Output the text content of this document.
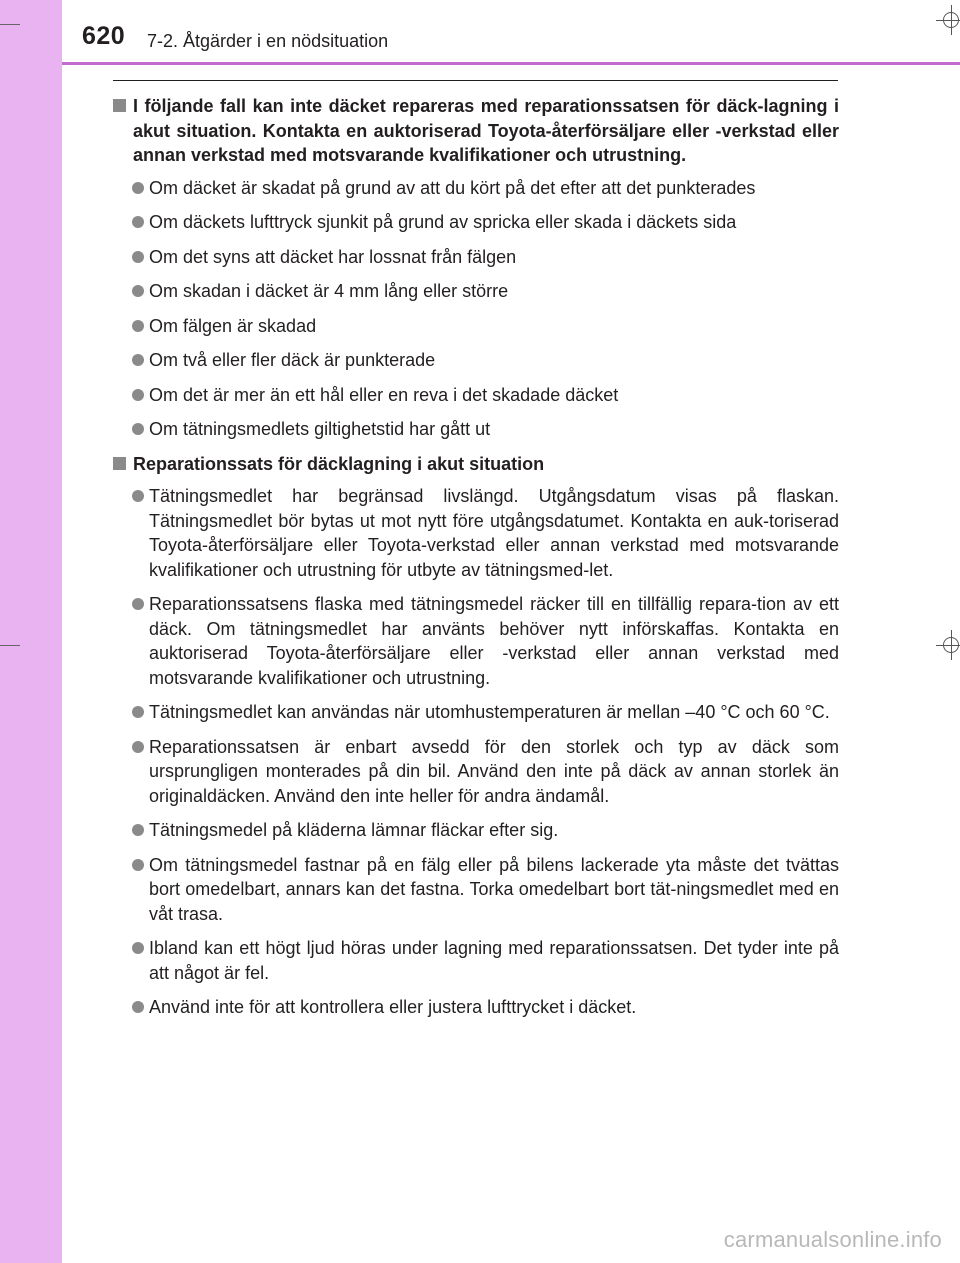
620 7-2. Åtgärder i en nödsituation
I följande fall kan inte däcket repareras med reparationssatsen för däck-lagning i akut situation. Kontakta en auktoriserad Toyota-återförsäljare eller -verkstad eller annan verkstad med motsvarande kvalifikationer och utrustning.
Om däcket är skadat på grund av att du kört på det efter att det punkterades
Om däckets lufttryck sjunkit på grund av spricka eller skada i däckets sida
Om det syns att däcket har lossnat från fälgen
Om skadan i däcket är 4 mm lång eller större
Om fälgen är skadad
Om två eller fler däck är punkterade
Om det är mer än ett hål eller en reva i det skadade däcket
Om tätningsmedlets giltighetstid har gått ut
Reparationssats för däcklagning i akut situation
Tätningsmedlet har begränsad livslängd. Utgångsdatum visas på flaskan. Tätningsmedlet bör bytas ut mot nytt före utgångsdatumet. Kontakta en auk-toriserad Toyota-återförsäljare eller Toyota-verkstad eller annan verkstad med motsvarande kvalifikationer och utrustning för utbyte av tätningsmed-let.
Reparationssatsens flaska med tätningsmedel räcker till en tillfällig repara-tion av ett däck. Om tätningsmedlet har använts behöver nytt införskaffas. Kontakta en auktoriserad Toyota-återförsäljare eller -verkstad eller annan verkstad med motsvarande kvalifikationer och utrustning.
Tätningsmedlet kan användas när utomhustemperaturen är mellan –40 °C och 60 °C.
Reparationssatsen är enbart avsedd för den storlek och typ av däck som ursprungligen monterades på din bil. Använd den inte på däck av annan storlek än originaldäcken. Använd den inte heller för andra ändamål.
Tätningsmedel på kläderna lämnar fläckar efter sig.
Om tätningsmedel fastnar på en fälg eller på bilens lackerade yta måste det tvättas bort omedelbart, annars kan det fastna. Torka omedelbart bort tät-ningsmedlet med en våt trasa.
Ibland kan ett högt ljud höras under lagning med reparationssatsen. Det tyder inte på att något är fel.
Använd inte för att kontrollera eller justera lufttrycket i däcket.
carmanualsonline.info
